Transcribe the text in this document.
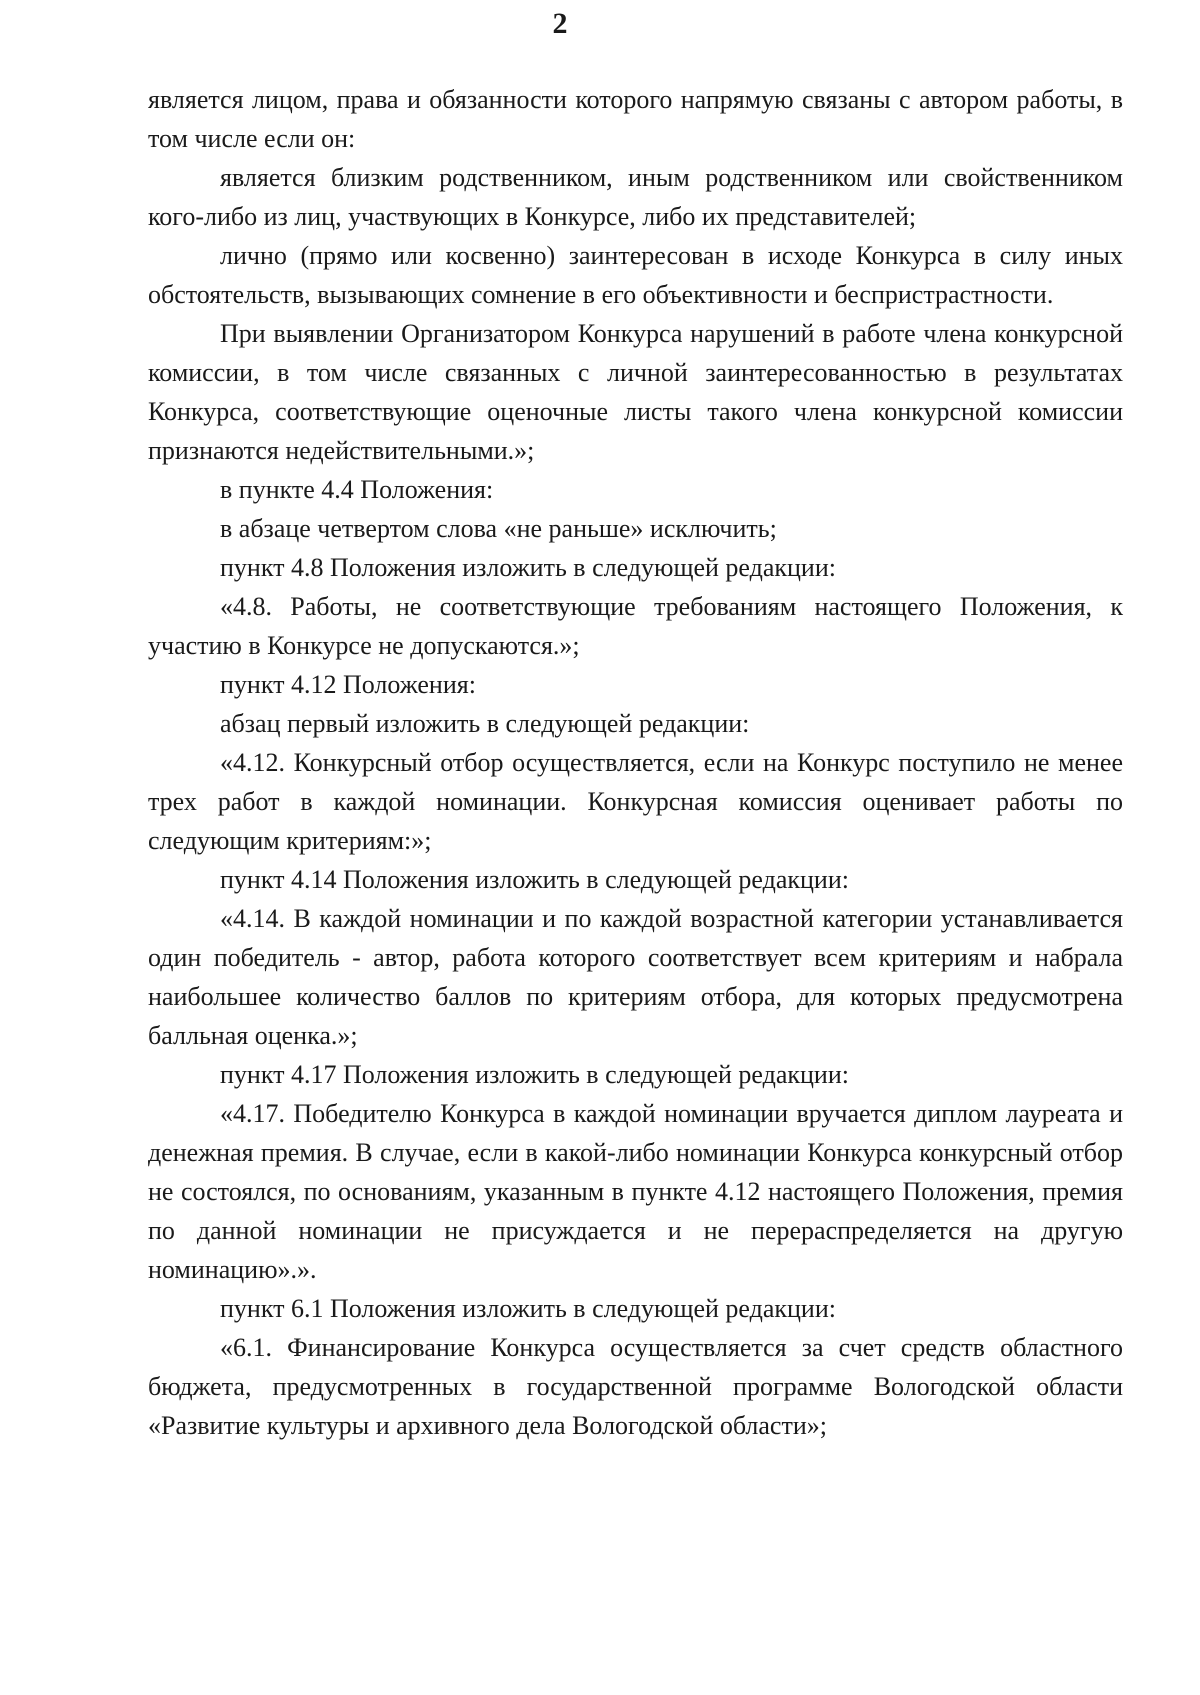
2

является лицом, права и обязанности которого напрямую связаны с автором работы, в том числе если он:

является близким родственником, иным родственником или свойственником кого-либо из лиц, участвующих в Конкурсе, либо их представителей;

лично (прямо или косвенно) заинтересован в исходе Конкурса в силу иных обстоятельств, вызывающих сомнение в его объективности и беспристрастности.

При выявлении Организатором Конкурса нарушений в работе члена конкурсной комиссии, в том числе связанных с личной заинтересованностью в результатах Конкурса, соответствующие оценочные листы такого члена конкурсной комиссии признаются недействительными.»;

в пункте 4.4 Положения:

в абзаце четвертом слова «не раньше» исключить;

пункт 4.8 Положения изложить в следующей редакции:

«4.8. Работы, не соответствующие требованиям настоящего Положения, к участию в Конкурсе не допускаются.»;

пункт 4.12 Положения:

абзац первый изложить в следующей редакции:

«4.12. Конкурсный отбор осуществляется, если на Конкурс поступило не менее трех работ в каждой номинации. Конкурсная комиссия оценивает работы по следующим критериям:»;

пункт 4.14 Положения изложить в следующей редакции:

«4.14. В каждой номинации и по каждой возрастной категории устанавливается один победитель - автор, работа которого соответствует всем критериям и набрала наибольшее количество баллов по критериям отбора, для которых предусмотрена балльная оценка.»;

пункт 4.17 Положения изложить в следующей редакции:

«4.17. Победителю Конкурса в каждой номинации вручается диплом лауреата и денежная премия. В случае, если в какой-либо номинации Конкурса конкурсный отбор не состоялся, по основаниям, указанным в пункте 4.12 настоящего Положения, премия по данной номинации не присуждается и не перераспределяется на другую номинацию».».

пункт 6.1 Положения изложить в следующей редакции:

«6.1. Финансирование Конкурса осуществляется за счет средств областного бюджета, предусмотренных в государственной программе Вологодской области «Развитие культуры и архивного дела Вологодской области»;
